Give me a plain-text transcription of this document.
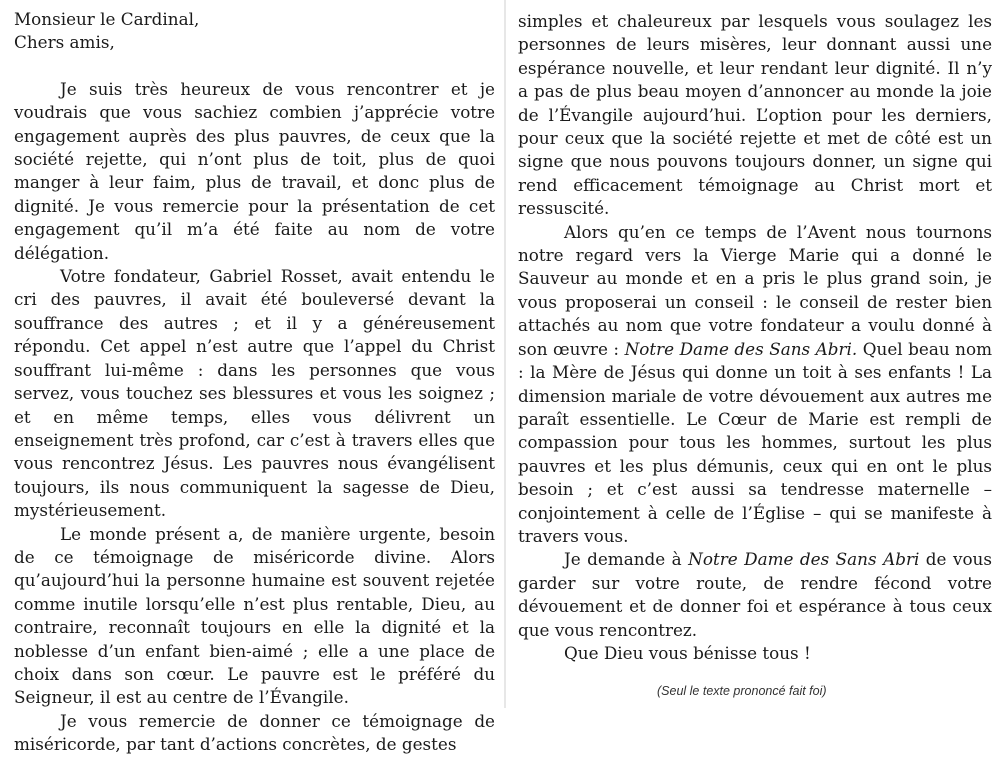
Monsieur le Cardinal,
Chers amis,

Je suis très heureux de vous rencontrer et je voudrais que vous sachiez combien j’apprécie votre engagement auprès des plus pauvres, de ceux que la société rejette, qui n’ont plus de toit, plus de quoi manger à leur faim, plus de travail, et donc plus de dignité. Je vous remercie pour la présentation de cet engagement qu’il m’a été faite au nom de votre délégation.

Votre fondateur, Gabriel Rosset, avait entendu le cri des pauvres, il avait été bouleversé devant la souffrance des autres ; et il y a généreusement répondu. Cet appel n’est autre que l’appel du Christ souffrant lui-même : dans les personnes que vous servez, vous touchez ses blessures et vous les soignez ; et en même temps, elles vous délivrent un enseignement très profond, car c’est à travers elles que vous rencontrez Jésus. Les pauvres nous évangélisent toujours, ils nous communiquent la sagesse de Dieu, mystérieusement.

Le monde présent a, de manière urgente, besoin de ce témoignage de miséricorde divine. Alors qu’aujourd’hui la personne humaine est souvent rejetée comme inutile lorsqu’elle n’est plus rentable, Dieu, au contraire, reconnaît toujours en elle la dignité et la noblesse d’un enfant bien-aimé ; elle a une place de choix dans son cœur. Le pauvre est le préféré du Seigneur, il est au centre de l’Évangile.

Je vous remercie de donner ce témoignage de miséricorde, par tant d’actions concrètes, de gestes

simples et chaleureux par lesquels vous soulagez les personnes de leurs misères, leur donnant aussi une espérance nouvelle, et leur rendant leur dignité. Il n’y a pas de plus beau moyen d’annoncer au monde la joie de l’Évangile aujourd’hui. L’option pour les derniers, pour ceux que la société rejette et met de côté est un signe que nous pouvons toujours donner, un signe qui rend efficacement témoignage au Christ mort et ressuscité.

Alors qu’en ce temps de l’Avent nous tournons notre regard vers la Vierge Marie qui a donné le Sauveur au monde et en a pris le plus grand soin, je vous proposerai un conseil : le conseil de rester bien attachés au nom que votre fondateur a voulu donné à son œuvre : Notre Dame des Sans Abri. Quel beau nom : la Mère de Jésus qui donne un toit à ses enfants ! La dimension mariale de votre dévouement aux autres me paraît essentielle. Le Cœur de Marie est rempli de compassion pour tous les hommes, surtout les plus pauvres et les plus démunis, ceux qui en ont le plus besoin ; et c’est aussi sa tendresse maternelle – conjointement à celle de l’Église – qui se manifeste à travers vous.

Je demande à Notre Dame des Sans Abri de vous garder sur votre route, de rendre fécond votre dévouement et de donner foi et espérance à tous ceux que vous rencontrez.

Que Dieu vous bénisse tous !

(Seul le texte prononcé fait foi)
